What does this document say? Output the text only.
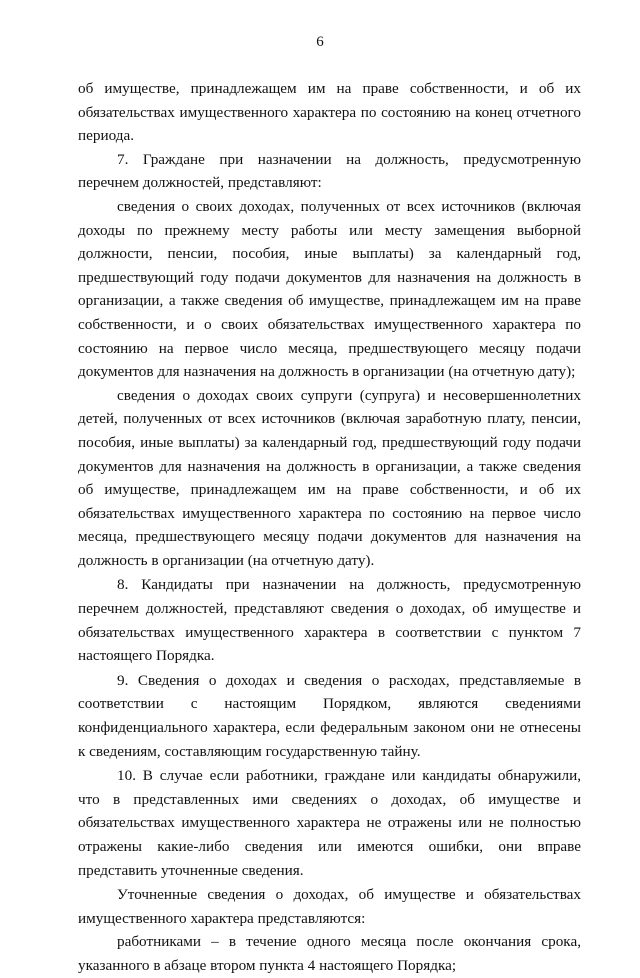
6

об имуществе, принадлежащем им на праве собственности, и об их обязательствах имущественного характера по состоянию на конец отчетного периода.

7. Граждане при назначении на должность, предусмотренную перечнем должностей, представляют:

сведения о своих доходах, полученных от всех источников (включая доходы по прежнему месту работы или месту замещения выборной должности, пенсии, пособия, иные выплаты) за календарный год, предшествующий году подачи документов для назначения на должность в организации, а также сведения об имуществе, принадлежащем им на праве собственности, и о своих обязательствах имущественного характера по состоянию на первое число месяца, предшествующего месяцу подачи документов для назначения на должность в организации (на отчетную дату);

сведения о доходах своих супруги (супруга) и несовершеннолетних детей, полученных от всех источников (включая заработную плату, пенсии, пособия, иные выплаты) за календарный год, предшествующий году подачи документов для назначения на должность в организации, а также сведения об имуществе, принадлежащем им на праве собственности, и об их обязательствах имущественного характера по состоянию на первое число месяца, предшествующего месяцу подачи документов для назначения на должность в организации (на отчетную дату).

8. Кандидаты при назначении на должность, предусмотренную перечнем должностей, представляют сведения о доходах, об имуществе и обязательствах имущественного характера в соответствии с пунктом 7 настоящего Порядка.

9. Сведения о доходах и сведения о расходах, представляемые в соответствии с настоящим Порядком, являются сведениями конфиденциального характера, если федеральным законом они не отнесены к сведениям, составляющим государственную тайну.

10. В случае если работники, граждане или кандидаты обнаружили, что в представленных ими сведениях о доходах, об имуществе и обязательствах имущественного характера не отражены или не полностью отражены какие-либо сведения или имеются ошибки, они вправе представить уточненные сведения.

Уточненные сведения о доходах, об имуществе и обязательствах имущественного характера представляются:

работниками – в течение одного месяца после окончания срока, указанного в абзаце втором пункта 4 настоящего Порядка;
